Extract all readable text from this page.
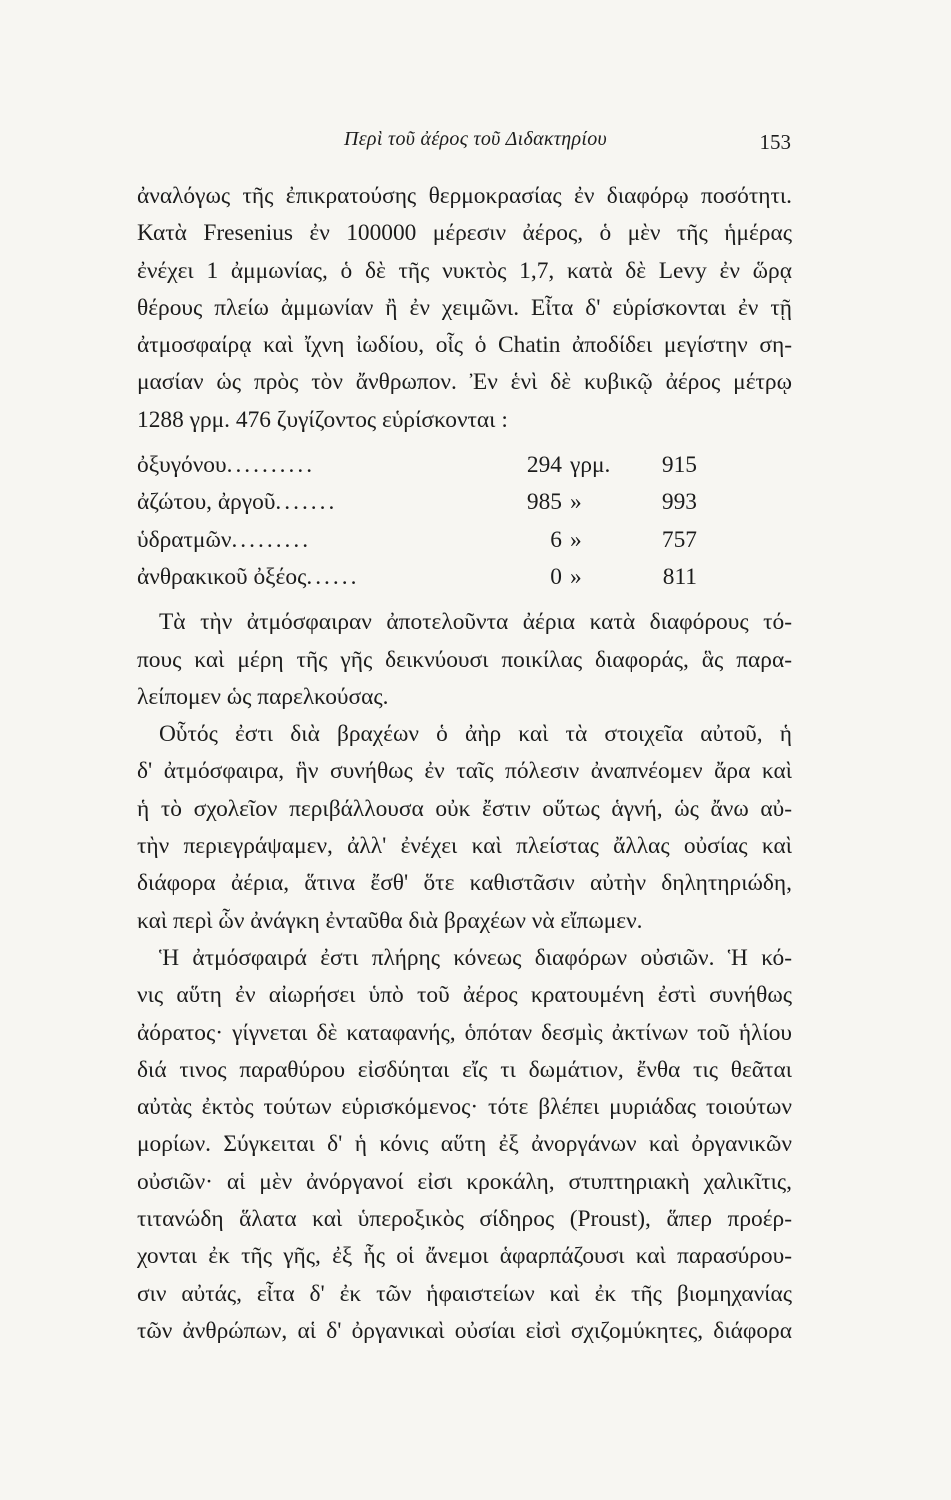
Περὶ τοῦ ἀέρος τοῦ Διδακτηρίου	153
ἀναλόγως τῆς ἐπικρατούσης θερμοκρασίας ἐν διαφόρῳ ποσότητι.
Κατὰ Fresenius ἐν 100000 μέρεσιν ἀέρος, ὁ μὲν τῆς ἡμέρας
ἐνέχει 1 ἀμμωνίας, ὁ δὲ τῆς νυκτὸς 1,7, κατὰ δὲ Levy ἐν ὥρᾳ
θέρους πλείω ἀμμωνίαν ἢ ἐν χειμῶνι. Εἶτα δ' εὑρίσκονται ἐν τῇ
ἀτμοσφαίρᾳ καὶ ἴχνη ἰωδίου, οἷς ὁ Chatin ἀποδίδει μεγίστην ση-
μασίαν ὡς πρὸς τὸν ἄνθρωπον. Ἐν ἑνὶ δὲ κυβικῷ ἀέρος μέτρῳ
1288 γρμ. 476 ζυγίζοντος εὑρίσκονται :
ὀξυγόνου..........	294 γρμ.	915
ἀζώτου, ἀργοῦ.......	985 »	993
ὑδρατμῶν.........	6 »	757
ἀνθρακικοῦ ὀξέος......	0 »	811
Τὰ τὴν ἀτμόσφαιραν ἀποτελοῦντα ἀέρια κατὰ διαφόρους τό-
πους καὶ μέρη τῆς γῆς δεικνύουσι ποικίλας διαφοράς, ἃς παρα-
λείπομεν ὡς παρελκούσας.
Οὗτός ἐστι διὰ βραχέων ὁ ἀὴρ καὶ τὰ στοιχεῖα αὐτοῦ, ἡ
δ' ἀτμόσφαιρα, ἣν συνήθως ἐν ταῖς πόλεσιν ἀναπνέομεν ἄρα καὶ
ἡ τὸ σχολεῖον περιβάλλουσα οὐκ ἔστιν οὕτως ἁγνή, ὡς ἄνω αὐ-
τὴν περιεγράψαμεν, ἀλλ' ἐνέχει καὶ πλείστας ἄλλας οὐσίας καὶ
διάφορα ἀέρια, ἅτινα ἔσθ' ὅτε καθιστᾶσιν αὐτὴν δηλητηριώδη,
καὶ περὶ ὧν ἀνάγκη ἐνταῦθα διὰ βραχέων νὰ εἴπωμεν.
Ἡ ἀτμόσφαιρά ἐστι πλήρης κόνεως διαφόρων οὐσιῶν. Ἡ κό-
νις αὕτη ἐν αἰωρήσει ὑπὸ τοῦ ἀέρος κρατουμένη ἐστὶ συνήθως
ἀόρατος· γίγνεται δὲ καταφανής, ὁπόταν δεσμὶς ἀκτίνων τοῦ ἡλίου
διά τινος παραθύρου εἰσδύηται εἴς τι δωμάτιον, ἔνθα τις θεᾶται
αὐτὰς ἐκτὸς τούτων εὑρισκόμενος· τότε βλέπει μυριάδας τοιούτων
μορίων. Σύγκειται δ' ἡ κόνις αὕτη ἐξ ἀνοργάνων καὶ ὀργανικῶν
οὐσιῶν· αἱ μὲν ἀνόργανοί εἰσι κροκάλη, στυπτηριακὴ χαλικῖτις,
τιτανώδη ἅλατα καὶ ὑπεροξικὸς σίδηρος (Proust), ἅπερ προέρ-
χονται ἐκ τῆς γῆς, ἐξ ἧς οἱ ἄνεμοι ἁφαρπάζουσι καὶ παρασύρου-
σιν αὐτάς, εἶτα δ' ἐκ τῶν ἡφαιστείων καὶ ἐκ τῆς βιομηχανίας
τῶν ἀνθρώπων, αἱ δ' ὀργανικαὶ οὐσίαι εἰσὶ σχιζομύκητες, διάφορα
